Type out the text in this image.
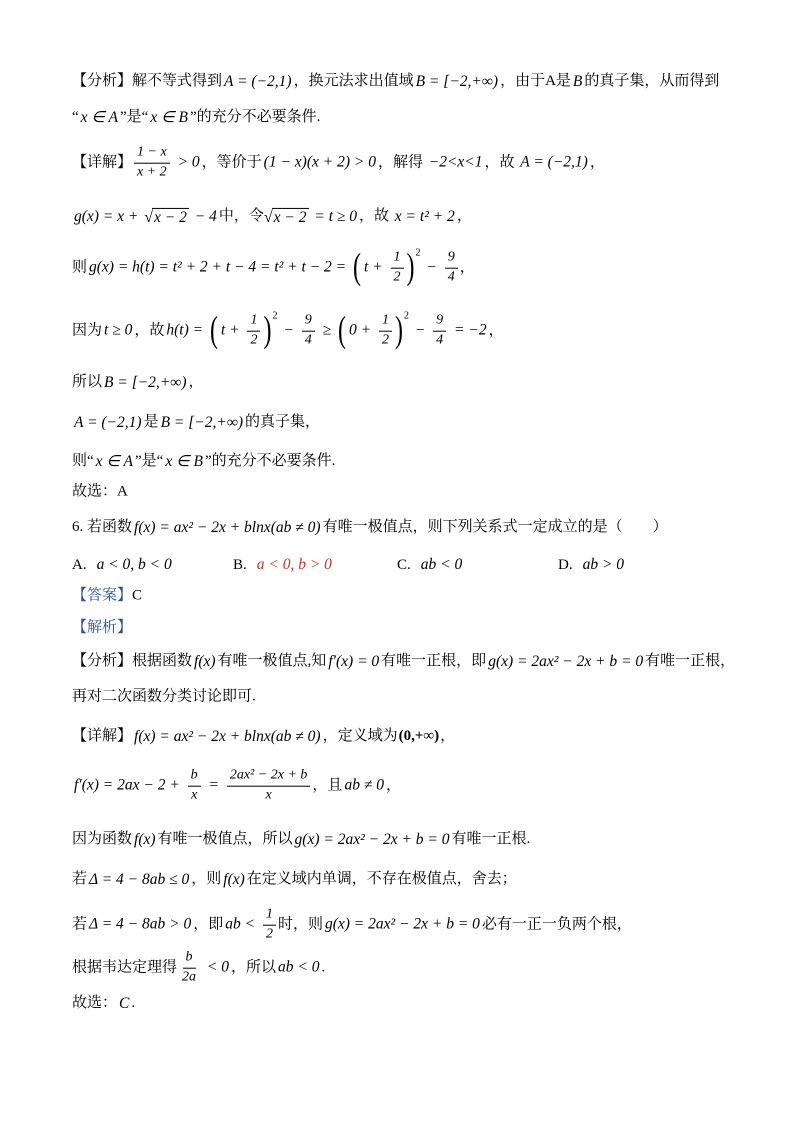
【分析】 解不等式得到 A = (−2,1) ，换元法求出值域 B = [−2,+∞) ，由于A是 B 的真子集，从而得到
“ x ∈ A ”是“ x ∈ B ”的充分不必要条件.
【详解】 $\frac{1 - x}{x + 2} > 0$ ，等价于 (1 − x)(x + 2) > 0 ，解得 −2<x<1 ，故 A = (−2,1) ，
g(x) = x + √ x − 2 − 4 中，令 √ x − 2 = t ≥ 0 ，故 x = t² + 2 ，
则 g(x) = h(t) = t² + 2 + t − 4 = t² + t − 2 = ( $t + \frac{1}{2}$ ) 2
− $\frac{9}{4}$ ，
因为 t ≥ 0 ，故 h(t) = ( $t + \frac{1}{2}$ ) 2
− $\frac{9}{4}$ ≥ ( $0 + \frac{1}{2}$ ) 2
− $\frac{9}{4} = -2$ ，
所以 B = [−2,+∞) ，
A = (−2,1) 是 B = [−2,+∞) 的真子集，
则“ x ∈ A ”是“ x ∈ B ”的充分不必要条件.
故选：A
6. 若函数 f(x) = ax² − 2x + blnx(ab ≠ 0) 有唯一极值点，则下列关系式一定成立的是（　　）
A. a < 0, b < 0	B. a < 0, b > 0	C. ab < 0	D. ab > 0
【答案】 C
【解析】
【分析】 根据函数 f(x) 有唯一极值点,知 f′(x) = 0 有唯一正根，即 g(x) = 2ax² − 2x + b = 0 有唯一正根，
再对二次函数分类讨论即可.
【详解】 f(x) = ax² − 2x + blnx(ab ≠ 0) ，定义域为 (0,+∞) ，
$f'(x) = 2ax - 2 + \frac{b}{x} = \frac{\text{2ax² − 2x + b}}{x}$ ，且 ab ≠ 0 ，
因为函数 f(x) 有唯一极值点，所以 g(x) = 2ax² − 2x + b = 0 有唯一正根.
若 Δ = 4 − 8ab ≤ 0 ，则 f(x) 在定义域内单调，不存在极值点，舍去；
若 Δ = 4 − 8ab > 0 ，即 ab < $\frac{1}{2}$ 时，则 g(x) = 2ax² − 2x + b = 0 必有一正一负两个根，
根据韦达定理得 $\frac{b}{2a} < 0$ ，所以 ab < 0 .
故选： C .
